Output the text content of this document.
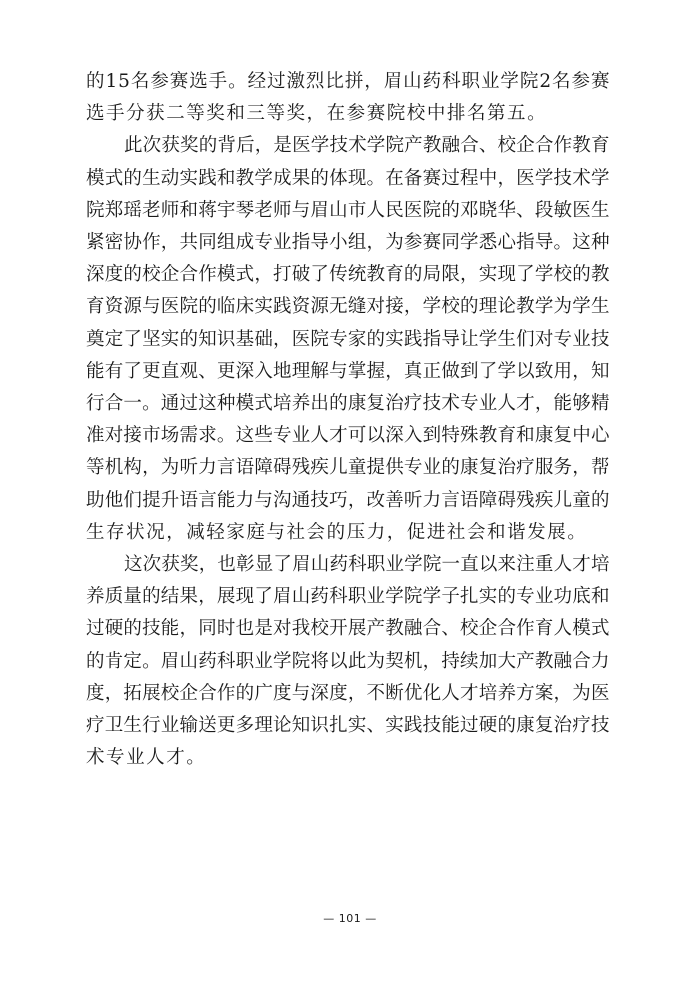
的15名参赛选手。经过激烈比拼，眉山药科职业学院2名参赛

选手分获二等奖和三等奖，在参赛院校中排名第五。

此次获奖的背后，是医学技术学院产教融合、校企合作教育

模式的生动实践和教学成果的体现。在备赛过程中，医学技术学

院郑瑶老师和蒋宇琴老师与眉山市人民医院的邓晓华、段敏医生

紧密协作，共同组成专业指导小组，为参赛同学悉心指导。这种

深度的校企合作模式，打破了传统教育的局限，实现了学校的教

育资源与医院的临床实践资源无缝对接，学校的理论教学为学生

奠定了坚实的知识基础，医院专家的实践指导让学生们对专业技

能有了更直观、更深入地理解与掌握，真正做到了学以致用，知

行合一。通过这种模式培养出的康复治疗技术专业人才，能够精

准对接市场需求。这些专业人才可以深入到特殊教育和康复中心

等机构，为听力言语障碍残疾儿童提供专业的康复治疗服务，帮

助他们提升语言能力与沟通技巧，改善听力言语障碍残疾儿童的

生存状况，减轻家庭与社会的压力，促进社会和谐发展。

这次获奖，也彰显了眉山药科职业学院一直以来注重人才培

养质量的结果，展现了眉山药科职业学院学子扎实的专业功底和

过硬的技能，同时也是对我校开展产教融合、校企合作育人模式

的肯定。眉山药科职业学院将以此为契机，持续加大产教融合力

度，拓展校企合作的广度与深度，不断优化人才培养方案，为医

疗卫生行业输送更多理论知识扎实、实践技能过硬的康复治疗技

术专业人才。

— 101 —
